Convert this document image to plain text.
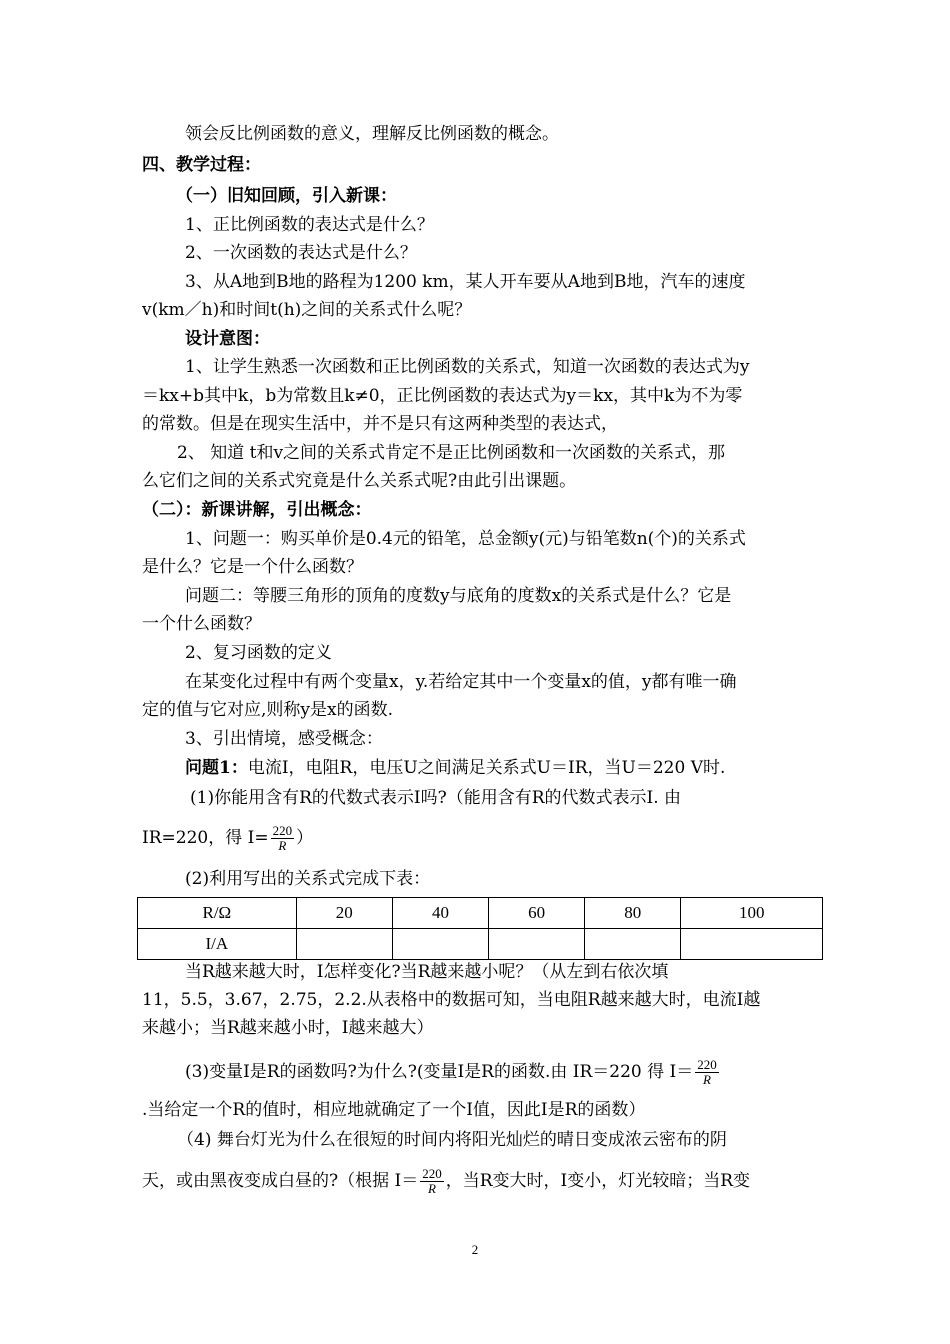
领会反比例函数的意义，理解反比例函数的概念。
四、教学过程：
（一）旧知回顾，引入新课：
1、正比例函数的表达式是什么？
2、一次函数的表达式是什么？
3、从A地到B地的路程为1200 km，某人开车要从A地到B地，汽车的速度
v(km／h)和时间t(h)之间的关系式什么呢？
设计意图：
1、让学生熟悉一次函数和正比例函数的关系式，知道一次函数的表达式为y
＝kx+b其中k，b为常数且k≠0，正比例函数的表达式为y＝kx，其中k为不为零
的常数。但是在现实生活中，并不是只有这两种类型的表达式，
2、 知道 t和v之间的关系式肯定不是正比例函数和一次函数的关系式，那
么它们之间的关系式究竟是什么关系式呢?由此引出课题。
（二）：新课讲解，引出概念：
1、问题一：购买单价是0.4元的铅笔，总金额y(元)与铅笔数n(个)的关系式
是什么？它是一个什么函数？
问题二：等腰三角形的顶角的度数y与底角的度数x的关系式是什么？它是
一个什么函数？
2、复习函数的定义
在某变化过程中有两个变量x，y.若给定其中一个变量x的值，y都有唯一确
定的值与它对应,则称y是x的函数.
3、引出情境，感受概念：
问题1：电流I，电阻R，电压U之间满足关系式U＝IR，当U＝220 V时.
(1)你能用含有R的代数式表示I吗?（能用含有R的代数式表示I. 由
IR=220，得 $I= \frac{220}{R}$ ）
(2)利用写出的关系式完成下表：
R/Ω	20	40	60	80	100
I/A					
当R越来越大时，I怎样变化?当R越来越小呢？（从左到右依次填
11，5.5，3.67，2.75，2.2.从表格中的数据可知，当电阻R越来越大时，电流I越
来越小；当R越来越小时，I越来越大）
(3)变量I是R的函数吗?为什么?(变量I是R的函数.由 IR＝220 得 $I= \frac{220}{R}$
.当给定一个R的值时，相应地就确定了一个I值，因此I是R的函数）
（4) 舞台灯光为什么在很短的时间内将阳光灿烂的晴日变成浓云密布的阴
天，或由黑夜变成白昼的?（根据 $I= \frac{220}{R}$ ，当R变大时，I变小，灯光较暗；当R变
2
